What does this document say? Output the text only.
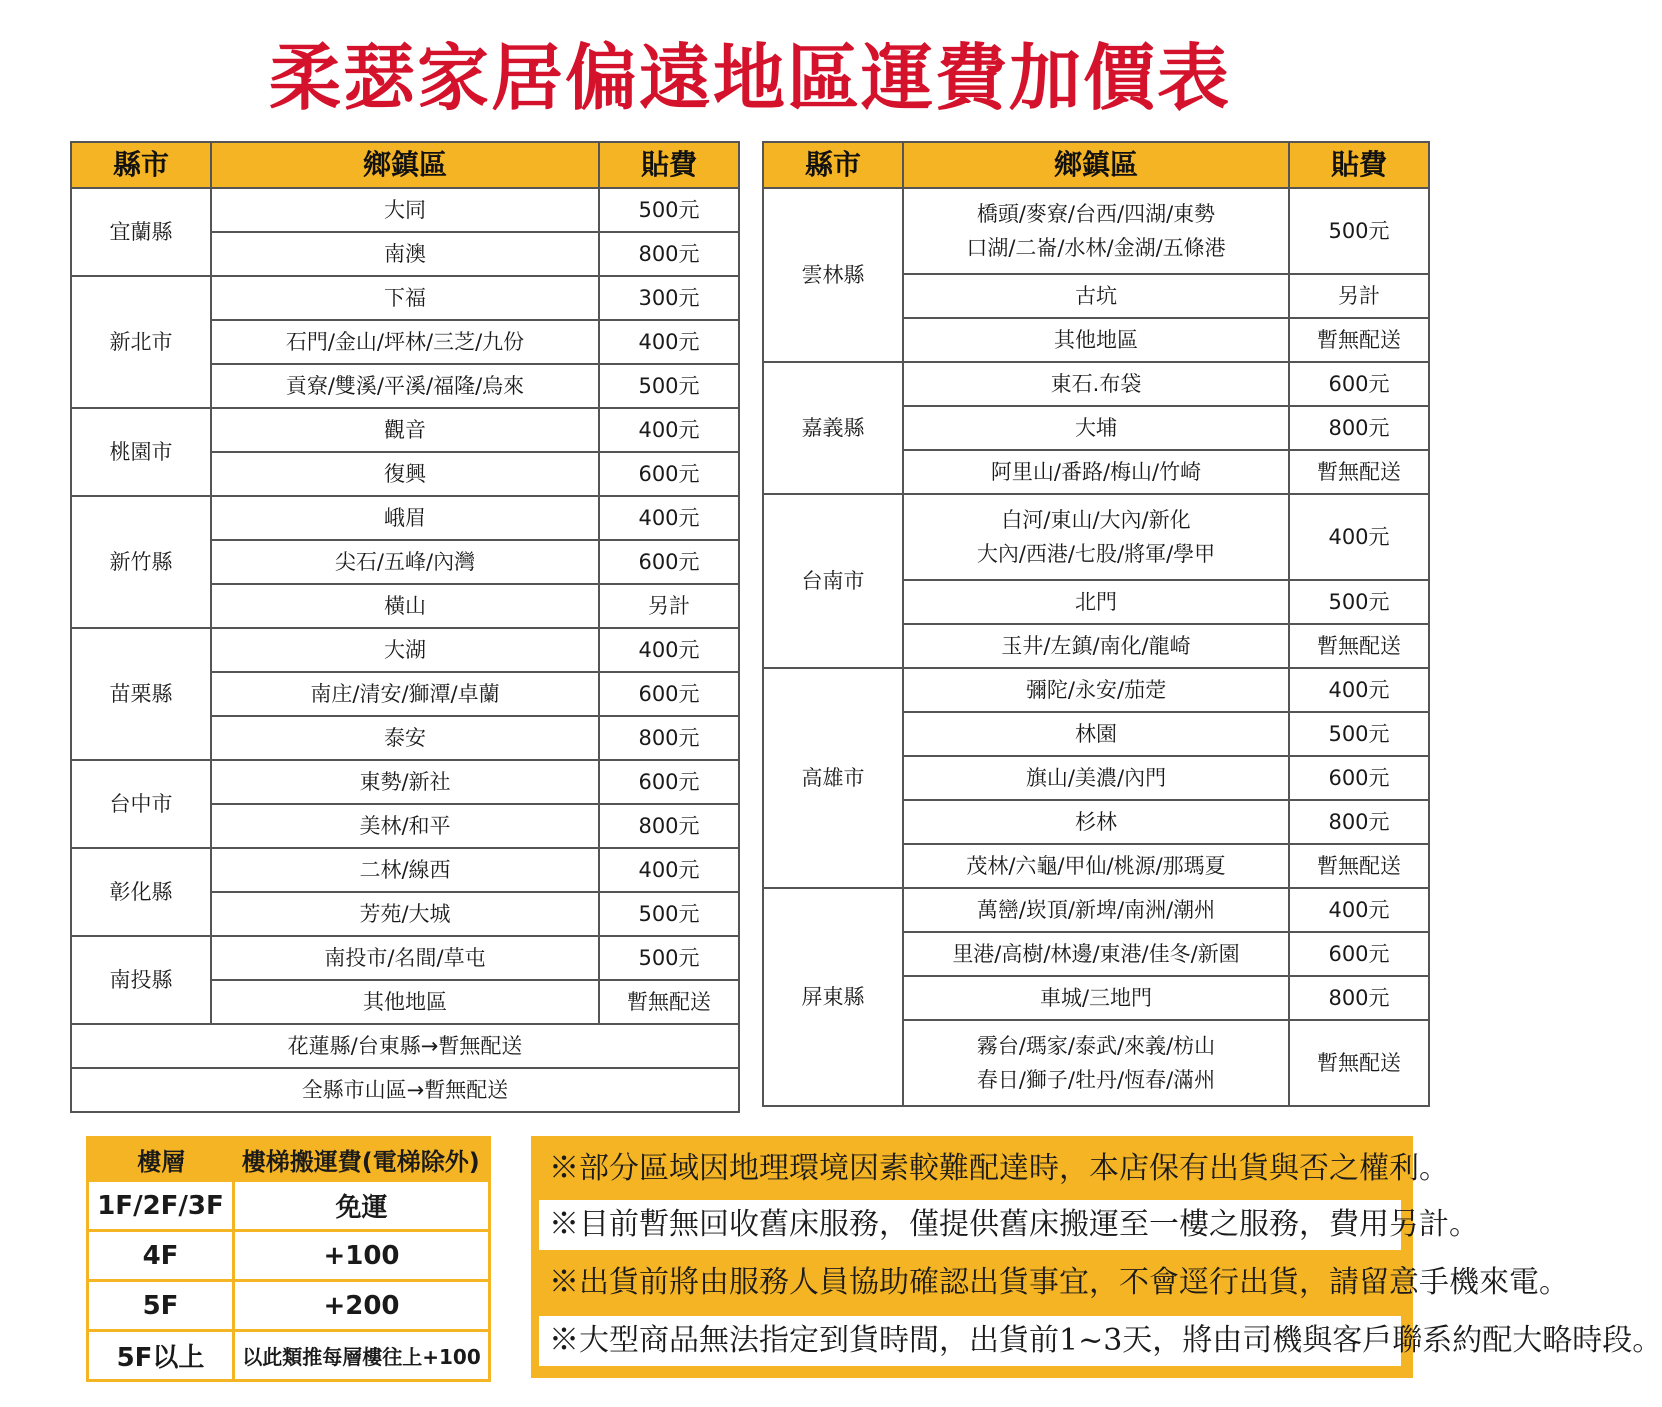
柔瑟家居偏遠地區運費加價表
縣市	鄉鎮區	貼費
宜蘭縣	大同	500元
	南澳	800元
新北市	下福	300元
	石門/金山/坪林/三芝/九份	400元
	貢寮/雙溪/平溪/福隆/烏來	500元
桃園市	觀音	400元
	復興	600元
新竹縣	峨眉	400元
	尖石/五峰/內灣	600元
	橫山	另計
苗栗縣	大湖	400元
	南庄/清安/獅潭/卓蘭	600元
	泰安	800元
台中市	東勢/新社	600元
	美林/和平	800元
彰化縣	二林/線西	400元
	芳苑/大城	500元
南投縣	南投市/名間/草屯	500元
	其他地區	暫無配送
花蓮縣/台東縣→暫無配送		
全縣市山區→暫無配送		
縣市	鄉鎮區	貼費
雲林縣	橋頭/麥寮/台西/四湖/東勢
口湖/二崙/水林/金湖/五條港	500元
	古坑	另計
	其他地區	暫無配送
嘉義縣	東石.布袋	600元
	大埔	800元
	阿里山/番路/梅山/竹崎	暫無配送
台南市	白河/東山/大內/新化
大內/西港/七股/將軍/學甲	400元
	北門	500元
	玉井/左鎮/南化/龍崎	暫無配送
高雄市	彌陀/永安/茄萣	400元
	林園	500元
	旗山/美濃/內門	600元
	杉林	800元
	茂林/六龜/甲仙/桃源/那瑪夏	暫無配送
屏東縣	萬巒/崁頂/新埤/南洲/潮州	400元
	里港/高樹/林邊/東港/佳冬/新園	600元
	車城/三地門	800元

	霧台/瑪家/泰武/來義/枋山
春日/獅子/牡丹/恆春/滿州	暫無配送
樓層	樓梯搬運費(電梯除外)
1F/2F/3F	免運
4F	+100
5F	+200
5F以上	以此類推每層樓往上+100
※部分區域因地理環境因素較難配達時，本店保有出貨與否之權利。
※目前暫無回收舊床服務，僅提供舊床搬運至一樓之服務，費用另計。
※出貨前將由服務人員協助確認出貨事宜，不會逕行出貨，請留意手機來電。
※大型商品無法指定到貨時間，出貨前1~3天，將由司機與客戶聯系約配大略時段。
